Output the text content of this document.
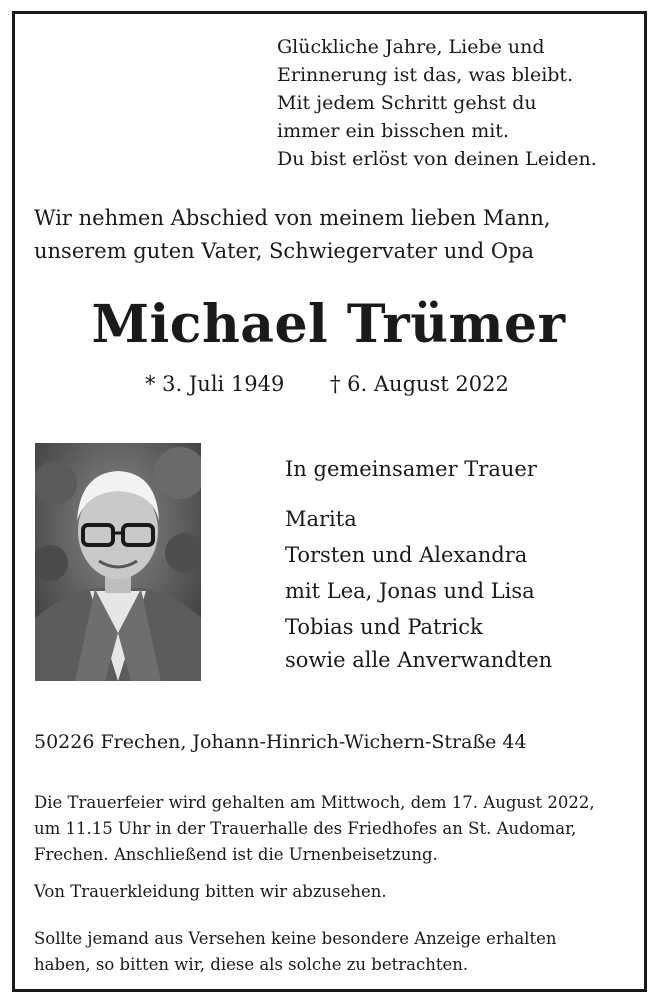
Glückliche Jahre, Liebe und
Erinnerung ist das, was bleibt.
Mit jedem Schritt gehst du
immer ein bisschen mit.
Du bist erlöst von deinen Leiden.
Wir nehmen Abschied von meinem lieben Mann,
unserem guten Vater, Schwiegervater und Opa
Michael Trümer
* 3. Juli 1949 † 6. August 2022
In gemeinsamer Trauer
Marita
Torsten und Alexandra
mit Lea, Jonas und Lisa
Tobias und Patrick
sowie alle Anverwandten
50226 Frechen, Johann-Hinrich-Wichern-Straße 44
Die Trauerfeier wird gehalten am Mittwoch, dem 17. August 2022,
um 11.15 Uhr in der Trauerhalle des Friedhofes an St. Audomar,
Frechen. Anschließend ist die Urnenbeisetzung.
Von Trauerkleidung bitten wir abzusehen.
Sollte jemand aus Versehen keine besondere Anzeige erhalten
haben, so bitten wir, diese als solche zu betrachten.
